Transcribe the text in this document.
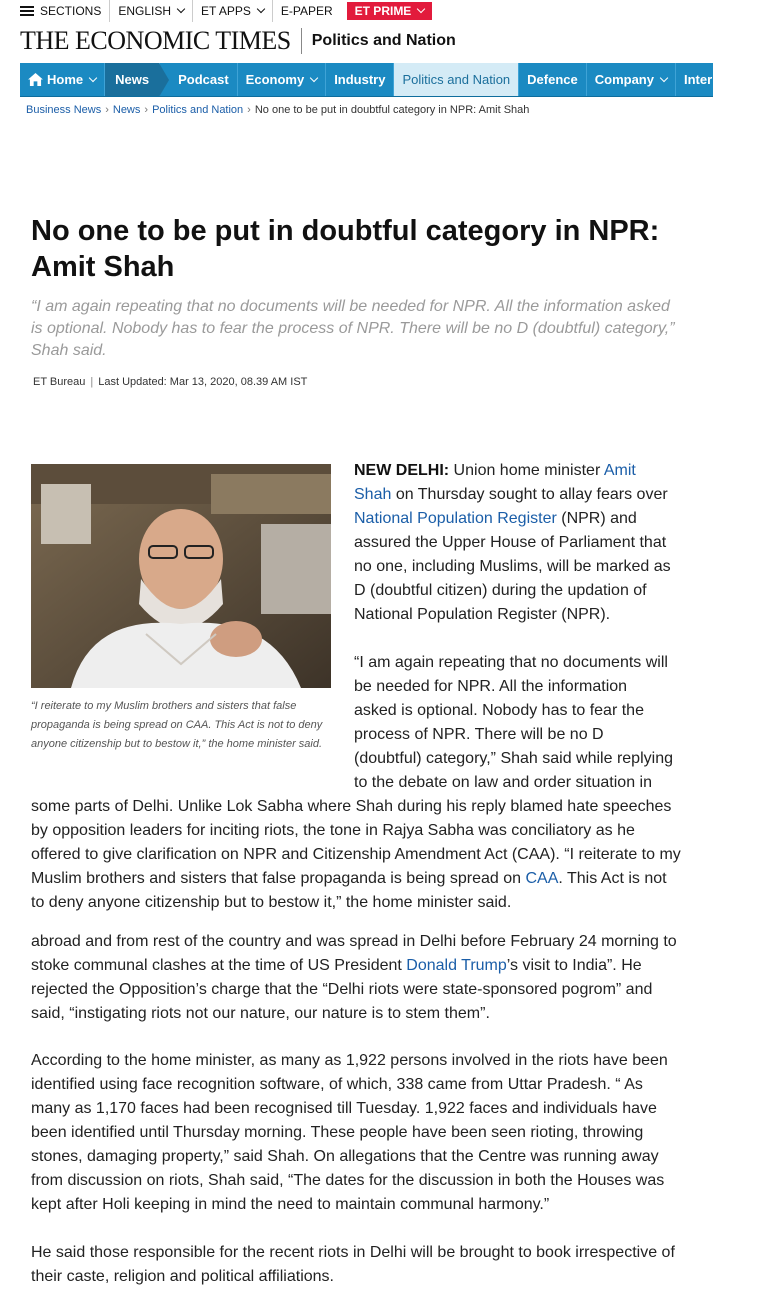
SECTIONS ENGLISH	ET APPS	E-PAPER ET PRIME
THE ECONOMIC TIMES Politics and Nation
Home News Podcast Economy Industry Politics and Nation Defence Company International
Business News › News › Politics and Nation › No one to be put in doubtful category in NPR: Amit Shah
No one to be put in doubtful category in NPR: Amit Shah
“I am again repeating that no documents will be needed for NPR. All the information asked is optional. Nobody has to fear the process of NPR. There will be no D (doubtful) category,” Shah said.
ET Bureau | Last Updated: Mar 13, 2020, 08.39 AM IST
“I reiterate to my Muslim brothers and sisters that false propaganda is being spread on CAA. This Act is not to deny anyone citizenship but to bestow it,” the home minister said.

NEW DELHI: Union home minister Amit Shah on Thursday sought to allay fears over National Population Register (NPR) and assured the Upper House of Parliament that no one, including Muslims, will be marked as D (doubtful citizen) during the updation of National Population Register (NPR).

“I am again repeating that no documents will be needed for NPR. All the information asked is optional. Nobody has to fear the process of NPR. There will be no D (doubtful) category,” Shah said while replying to the debate on law and order situation in

some parts of Delhi. Unlike Lok Sabha where Shah during his reply blamed hate speeches by opposition leaders for inciting riots, the tone in Rajya Sabha was conciliatory as he offered to give clarification on NPR and Citizenship Amendment Act (CAA). “I reiterate to my Muslim brothers and sisters that false propaganda is being spread on CAA. This Act is not to deny anyone citizenship but to bestow it,” the home minister said.

abroad and from rest of the country and was spread in Delhi before February 24 morning to stoke communal clashes at the time of US President Donald Trump’s visit to India”. He rejected the Opposition’s charge that the “Delhi riots were state-sponsored pogrom” and said, “instigating riots not our nature, our nature is to stem them”.

According to the home minister, as many as 1,922 persons involved in the riots have been identified using face recognition software, of which, 338 came from Uttar Pradesh. “ As many as 1,170 faces had been recognised till Tuesday. 1,922 faces and individuals have been identified until Thursday morning. These people have been seen rioting, throwing stones, damaging property,” said Shah. On allegations that the Centre was running away from discussion on riots, Shah said, “The dates for the discussion in both the Houses was kept after Holi keeping in mind the need to maintain communal harmony.”

He said those responsible for the recent riots in Delhi will be brought to book irrespective of their caste, religion and political affiliations.
